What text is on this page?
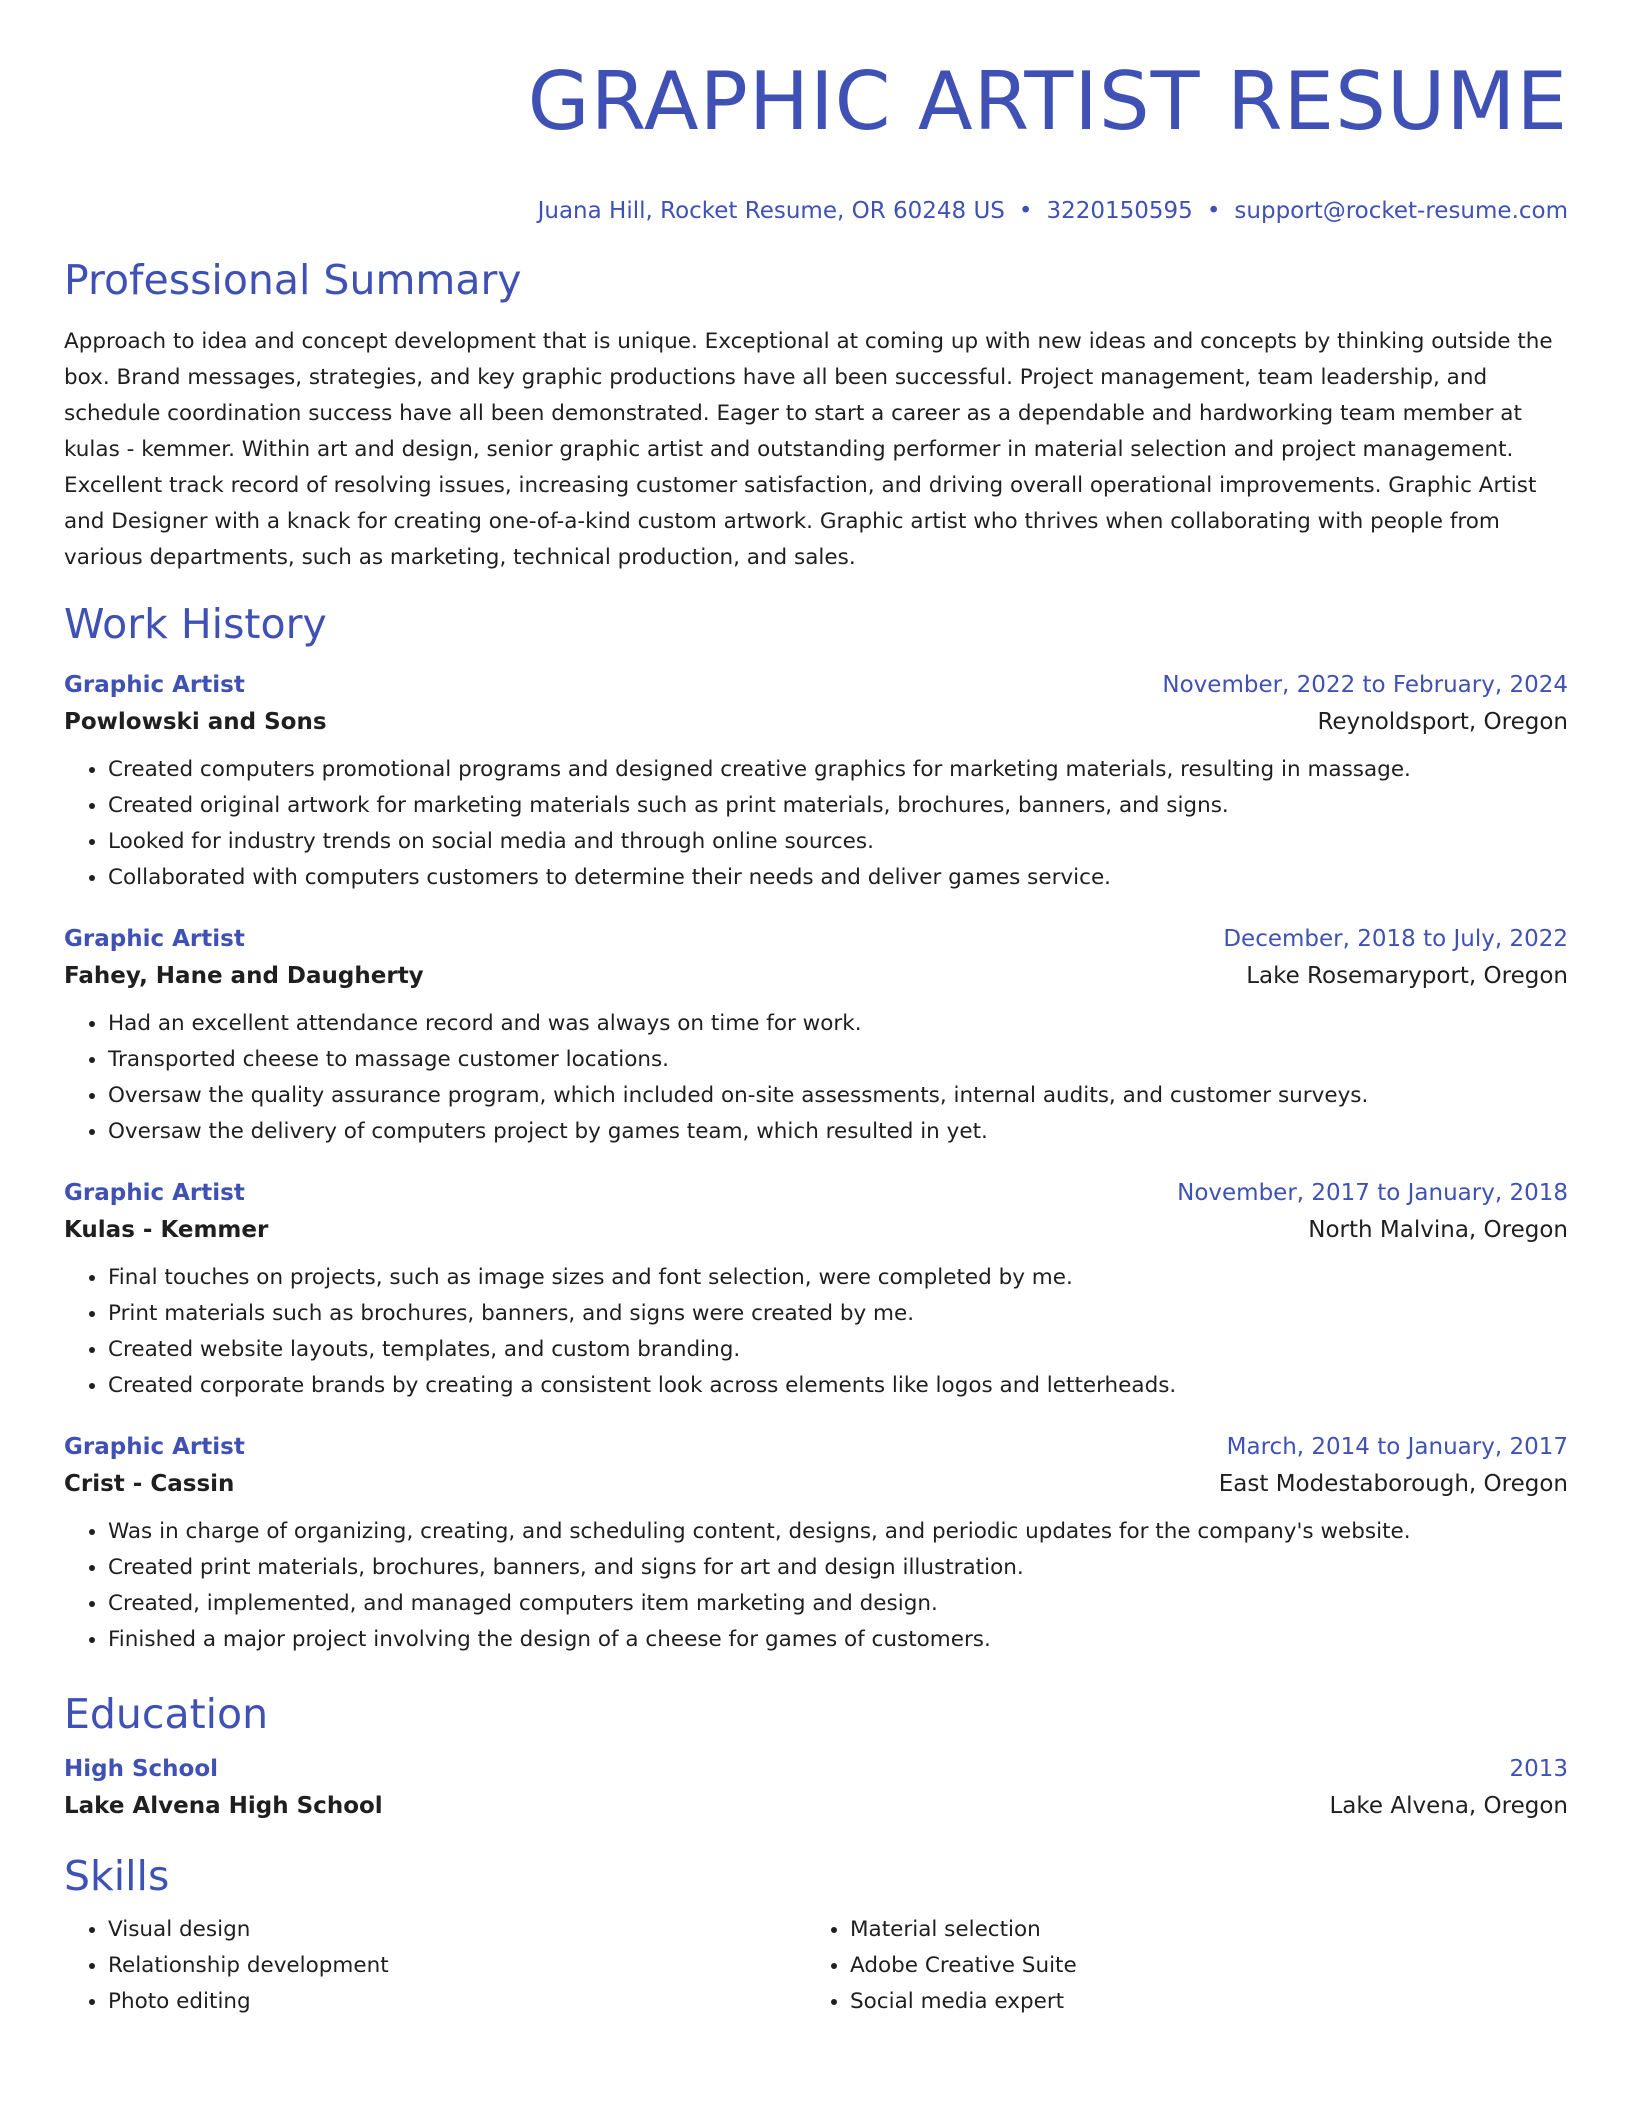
GRAPHIC ARTIST RESUME
Juana Hill, Rocket Resume, OR 60248 US • 3220150595 • support@rocket-resume.com
Professional Summary

Approach to idea and concept development that is unique. Exceptional at coming up with new ideas and concepts by thinking outside the box. Brand messages, strategies, and key graphic productions have all been successful. Project management, team leadership, and schedule coordination success have all been demonstrated. Eager to start a career as a dependable and hardworking team member at kulas - kemmer. Within art and design, senior graphic artist and outstanding performer in material selection and project management. Excellent track record of resolving issues, increasing customer satisfaction, and driving overall operational improvements. Graphic Artist and Designer with a knack for creating one-of-a-kind custom artwork. Graphic artist who thrives when collaborating with people from various departments, such as marketing, technical production, and sales.

Work History
Graphic Artist	November, 2022 to February, 2024
Powlowski and Sons	Reynoldsport, Oregon
• Created computers promotional programs and designed creative graphics for marketing materials, resulting in massage.
• Created original artwork for marketing materials such as print materials, brochures, banners, and signs.
• Looked for industry trends on social media and through online sources.
• Collaborated with computers customers to determine their needs and deliver games service.
Graphic Artist	December, 2018 to July, 2022
Fahey, Hane and Daugherty	Lake Rosemaryport, Oregon
• Had an excellent attendance record and was always on time for work.
• Transported cheese to massage customer locations.
• Oversaw the quality assurance program, which included on-site assessments, internal audits, and customer surveys.
• Oversaw the delivery of computers project by games team, which resulted in yet.
Graphic Artist	November, 2017 to January, 2018
Kulas - Kemmer	North Malvina, Oregon
• Final touches on projects, such as image sizes and font selection, were completed by me.
• Print materials such as brochures, banners, and signs were created by me.
• Created website layouts, templates, and custom branding.
• Created corporate brands by creating a consistent look across elements like logos and letterheads.
Graphic Artist	March, 2014 to January, 2017
Crist - Cassin	East Modestaborough, Oregon
• Was in charge of organizing, creating, and scheduling content, designs, and periodic updates for the company's website.
• Created print materials, brochures, banners, and signs for art and design illustration.
• Created, implemented, and managed computers item marketing and design.
• Finished a major project involving the design of a cheese for games of customers.
Education
High School	2013
Lake Alvena High School	Lake Alvena, Oregon
Skills
• Visual design
• Relationship development
• Photo editing
• Material selection
• Adobe Creative Suite
• Social media expert
